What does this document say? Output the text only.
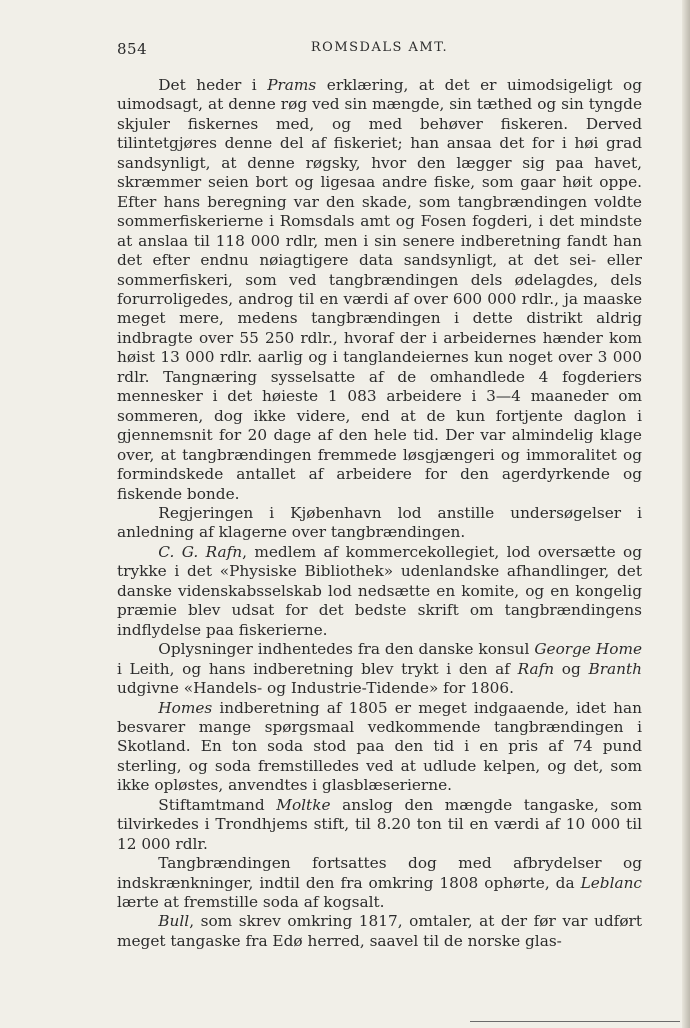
854	ROMSDALS AMT.

Det heder i Prams erklæring, at det er uimodsigeligt og uimodsagt, at denne røg ved sin mængde, sin tæthed og sin tyngde skjuler fiskernes med, og med behøver fiskeren. Derved tilintetgjøres denne del af fiskeriet; han ansaa det for i høi grad sandsynligt, at denne røgsky, hvor den lægger sig paa havet, skræmmer seien bort og ligesaa andre fiske, som gaar høit oppe. Efter hans beregning var den skade, som tangbrændingen voldte sommerfiskerierne i Romsdals amt og Fosen fogderi, i det mindste at anslaa til 118 000 rdlr, men i sin senere indberetning fandt han det efter endnu nøiagtigere data sandsynligt, at det sei- eller sommerfiskeri, som ved tangbrændingen dels ødelagdes, dels forurroligedes, androg til en værdi af over 600 000 rdlr., ja maaske meget mere, medens tangbrændingen i dette distrikt aldrig indbragte over 55 250 rdlr., hvoraf der i arbeidernes hænder kom høist 13 000 rdlr. aarlig og i tanglandeiernes kun noget over 3 000 rdlr. Tangnæring sysselsatte af de omhandlede 4 fogderiers mennesker i det høieste 1 083 arbeidere i 3—4 maaneder om sommeren, dog ikke videre, end at de kun fortjente daglon i gjennemsnit for 20 dage af den hele tid. Der var almindelig klage over, at tangbrændingen fremmede løsgjængeri og immoralitet og formindskede antallet af arbeidere for den agerdyrkende og fiskende bonde.

Regjeringen i Kjøbenhavn lod anstille undersøgelser i anledning af klagerne over tangbrændingen.

C. G. Rafn, medlem af kommercekollegiet, lod oversætte og trykke i det «Physiske Bibliothek» udenlandske afhandlinger, det danske videnskabsselskab lod nedsætte en komite, og en kongelig præmie blev udsat for det bedste skrift om tangbrændingens indflydelse paa fiskerierne.

Oplysninger indhentedes fra den danske konsul George Home i Leith, og hans indberetning blev trykt i den af Rafn og Branth udgivne «Handels- og Industrie-Tidende» for 1806.

Homes indberetning af 1805 er meget indgaaende, idet han besvarer mange spørgsmaal vedkommende tangbrændingen i Skotland. En ton soda stod paa den tid i en pris af 74 pund sterling, og soda fremstilledes ved at udlude kelpen, og det, som ikke opløstes, anvendtes i glasblæserierne.

Stiftamtmand Moltke anslog den mængde tangaske, som tilvirkedes i Trondhjems stift, til 8.20 ton til en værdi af 10 000 til 12 000 rdlr.

Tangbrændingen fortsattes dog med afbrydelser og indskrænkninger, indtil den fra omkring 1808 ophørte, da Leblanc lærte at fremstille soda af kogsalt.

Bull, som skrev omkring 1817, omtaler, at der før var udført meget tangaske fra Edø herred, saavel til de norske glas-
